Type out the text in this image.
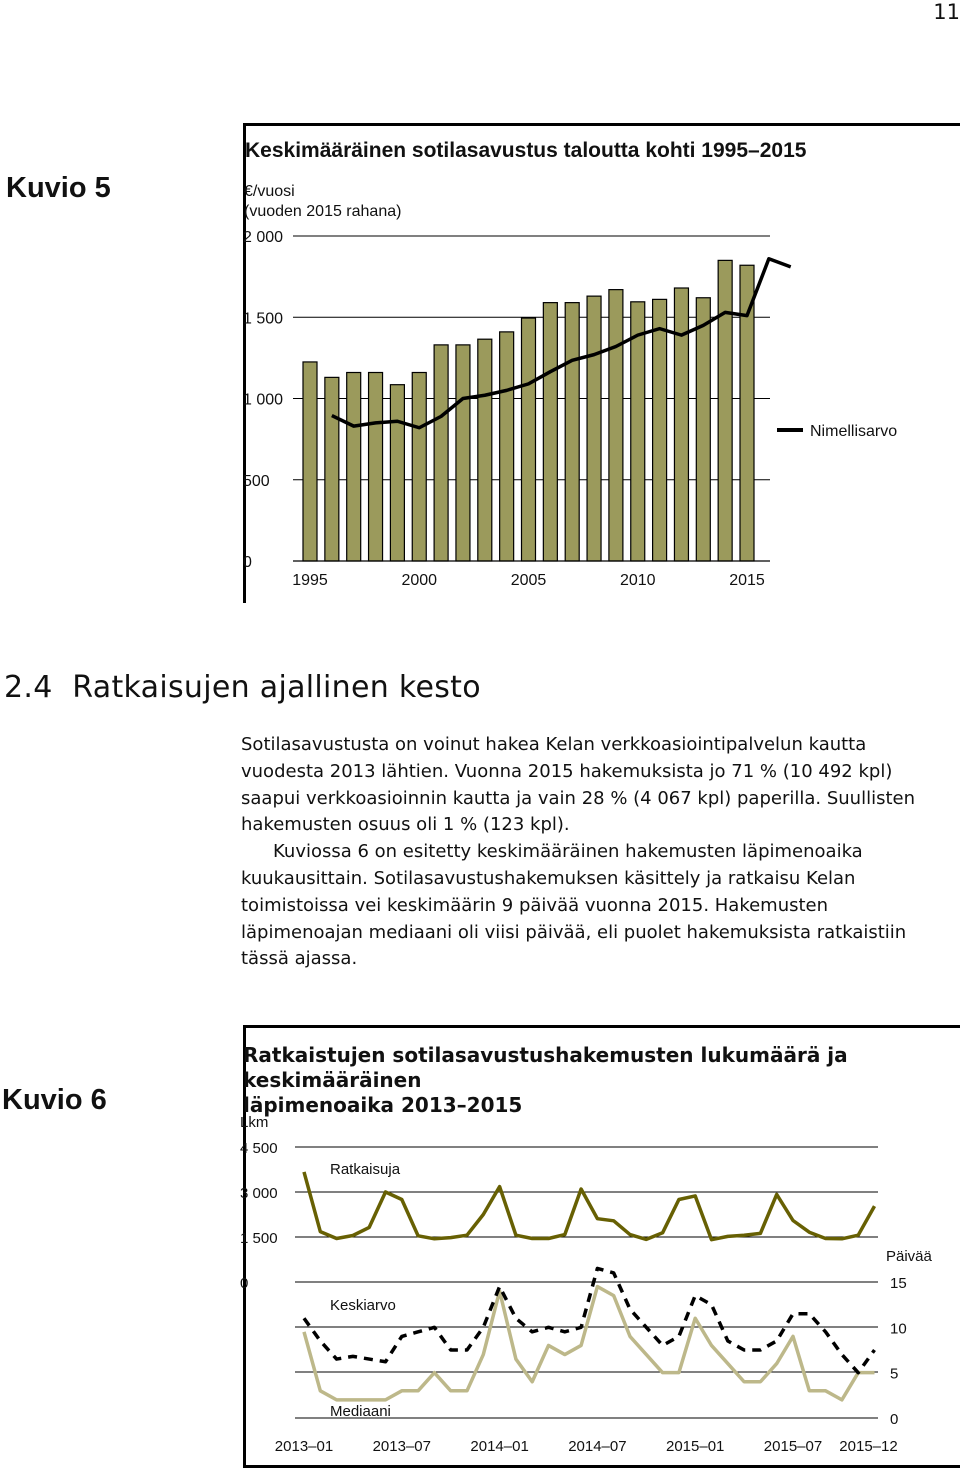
11
Kuvio 5
Keskimääräinen sotilasavustus taloutta kohti 1995–2015
€/vuosi
(vuoden 2015 rahana)
0
500
1 000
1 500
2 000
1995	2000	2005	2010	2015
Nimellisarvo
2.4  Ratkaisujen ajallinen kesto

Sotilasavustusta on voinut hakea Kelan verkkoasiointipalvelun kautta vuodesta 2013 lähtien. Vuonna 2015 hakemuksista jo 71 % (10 492 kpl) saapui verkkoasioinnin kautta ja vain 28 % (4 067 kpl) paperilla. Suullisten hakemusten osuus oli 1 % (123 kpl).

Kuviossa 6 on esitetty keskimääräinen hakemusten läpimenoaika kuukausittain. Sotilasavustushakemuksen käsittely ja ratkaisu Kelan toimistoissa vei keskimäärin 9 päivää vuonna 2015. Hakemusten läpimenoajan mediaani oli viisi päivää, eli puolet hakemuksista ratkaistiin tässä ajassa.

Kuvio 6
Ratkaistujen sotilasavustushakemusten lukumäärä ja keskimääräinen
läpimenoaika 2013–2015
0
1 500
3 000
4 500
Lkm
0
5
10
15
Päivää
Ratkaisuja
Keskiarvo
Mediaani
2013–01	2013–07	2014–01	2014–07	2015–01	2015–07 2015–12
